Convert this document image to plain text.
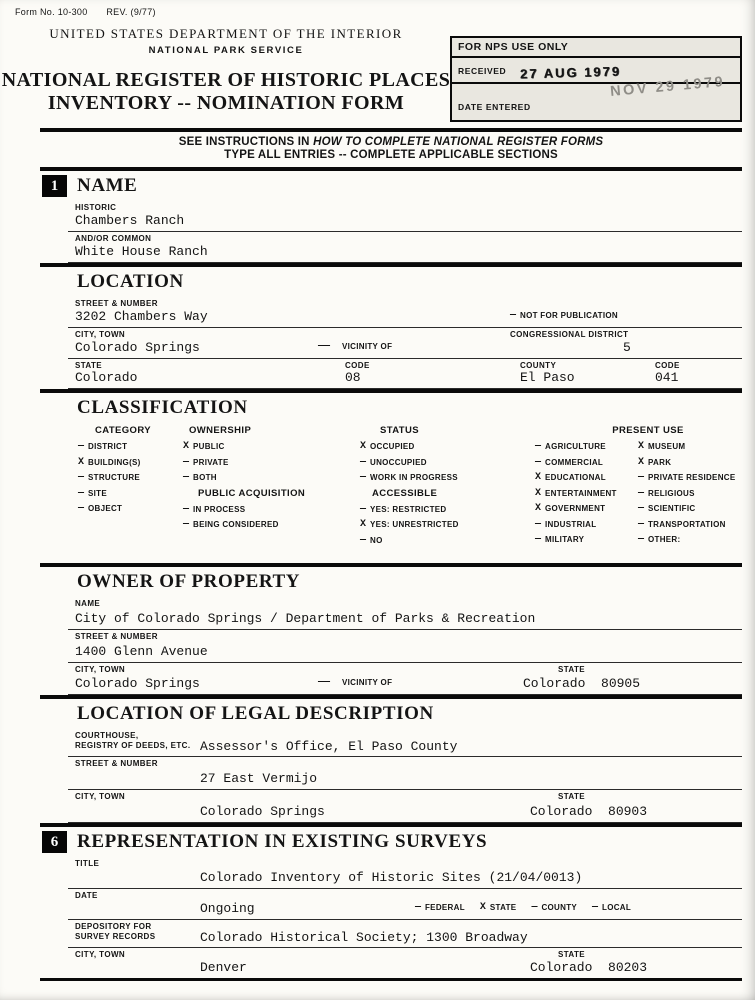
Form No. 10-300 REV. (9/77)
UNITED STATES DEPARTMENT OF THE INTERIOR
NATIONAL PARK SERVICE
NATIONAL REGISTER OF HISTORIC PLACES
INVENTORY -- NOMINATION FORM
FOR NPS USE ONLY
RECEIVED
DATE ENTERED
27 AUG 1979
NOV 29 1979
SEE INSTRUCTIONS IN HOW TO COMPLETE NATIONAL REGISTER FORMS
TYPE ALL ENTRIES -- COMPLETE APPLICABLE SECTIONS
1 NAME
HISTORIC
Chambers Ranch
AND/OR COMMON
White House Ranch
LOCATION
STREET & NUMBER
3202 Chambers Way	— NOT FOR PUBLICATION
CITY, TOWN
Colorado Springs	——	VICINITY OF
CONGRESSIONAL DISTRICT
5
STATE
Colorado
CODE
08
COUNTY
El Paso
CODE
041
CLASSIFICATION
CATEGORY
— DISTRICT
X BUILDING(S)
— STRUCTURE
— SITE
— OBJECT
OWNERSHIP
X PUBLIC
— PRIVATE
— BOTH
PUBLIC ACQUISITION
— IN PROCESS
— BEING CONSIDERED
STATUS
X OCCUPIED
— UNOCCUPIED
— WORK IN PROGRESS
ACCESSIBLE
— YES: RESTRICTED
X YES: UNRESTRICTED
— NO
PRESENT USE
— AGRICULTURE
— COMMERCIAL
X EDUCATIONAL
X ENTERTAINMENT
X GOVERNMENT
— INDUSTRIAL
— MILITARY
X MUSEUM
X PARK
— PRIVATE RESIDENCE
— RELIGIOUS
— SCIENTIFIC
— TRANSPORTATION
— OTHER:
OWNER OF PROPERTY
NAME
City of Colorado Springs / Department of Parks & Recreation
STREET & NUMBER
1400 Glenn Avenue
CITY, TOWN
Colorado Springs	——	VICINITY OF
STATE
Colorado  80905
LOCATION OF LEGAL DESCRIPTION
COURTHOUSE,
REGISTRY OF DEEDS, ETC. Assessor's Office, El Paso County
STREET & NUMBER
27 East Vermijo
CITY, TOWN
Colorado Springs
STATE
Colorado  80903
6 REPRESENTATION IN EXISTING SURVEYS
TITLE
Colorado Inventory of Historic Sites (21/04/0013)
DATE
Ongoing	— FEDERAL X STATE — COUNTY — LOCAL
DEPOSITORY FOR
SURVEY RECORDS	Colorado Historical Society; 1300 Broadway
CITY, TOWN
Denver
STATE
Colorado  80203
